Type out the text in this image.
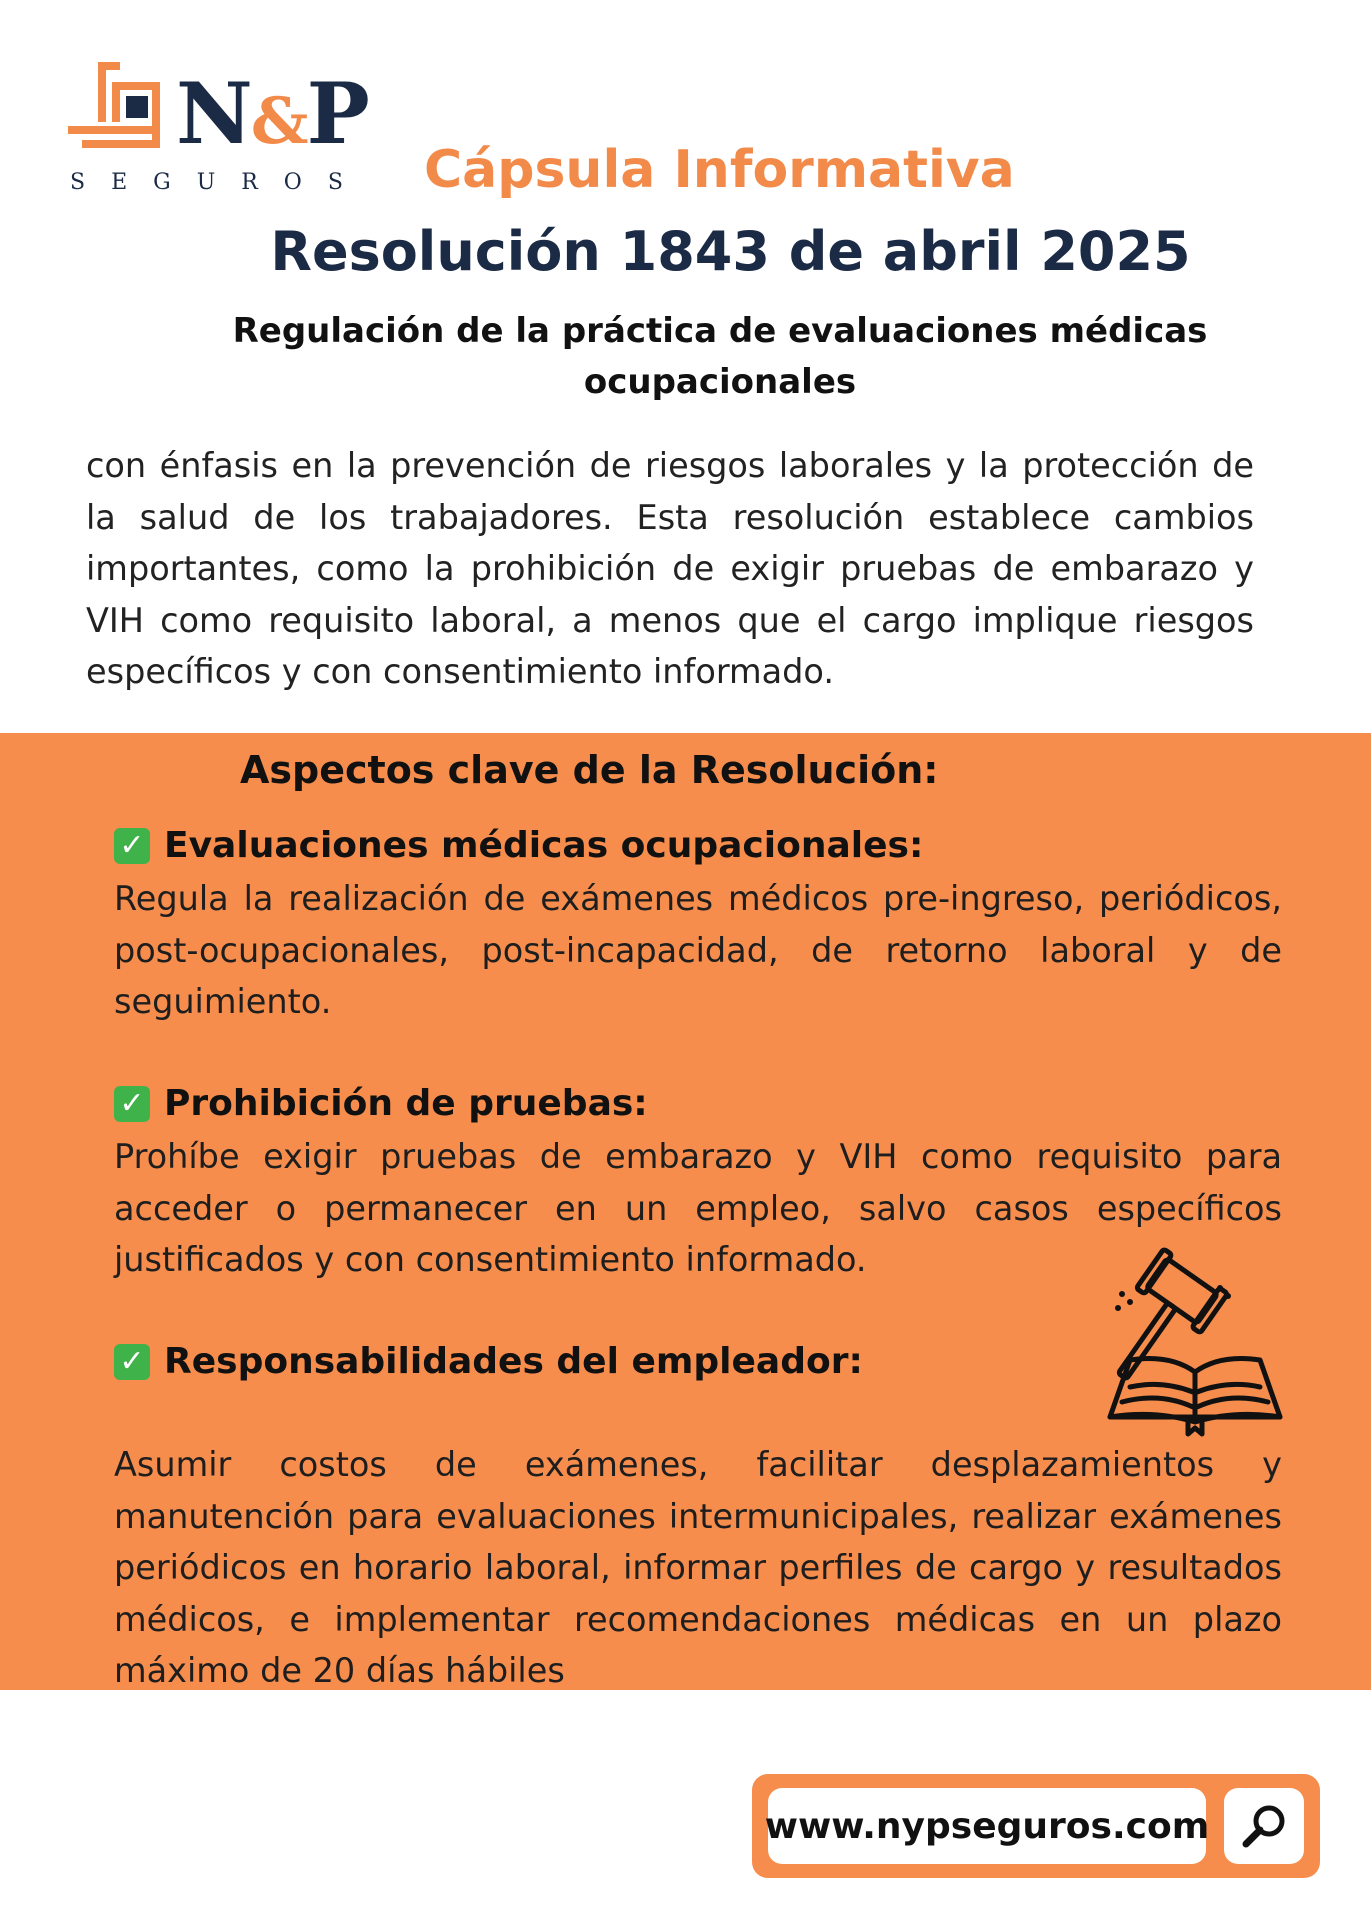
N&P
SEGUROS Cápsula Informativa
Resolución 1843 de abril 2025
Regulación de la práctica de evaluaciones médicas ocupacionales
con énfasis en la prevención de riesgos laborales y la protección de la salud de los trabajadores. Esta resolución establece cambios importantes, como la prohibición de exigir pruebas de embarazo y VIH como requisito laboral, a menos que el cargo implique riesgos específicos y con consentimiento informado.
Aspectos clave de la Resolución:
✓ Evaluaciones médicas ocupacionales:
Regula la realización de exámenes médicos pre-ingreso, periódicos, post-ocupacionales, post-incapacidad, de retorno laboral y de seguimiento.
✓ Prohibición de pruebas:
Prohíbe exigir pruebas de embarazo y VIH como requisito para acceder o permanecer en un empleo, salvo casos específicos justificados y con consentimiento informado.
✓ Responsabilidades del empleador:
Asumir costos de exámenes, facilitar desplazamientos y manutención para evaluaciones intermunicipales, realizar exámenes periódicos en horario laboral, informar perfiles de cargo y resultados médicos, e implementar recomendaciones médicas en un plazo máximo de 20 días hábiles
www.nypseguros.com
